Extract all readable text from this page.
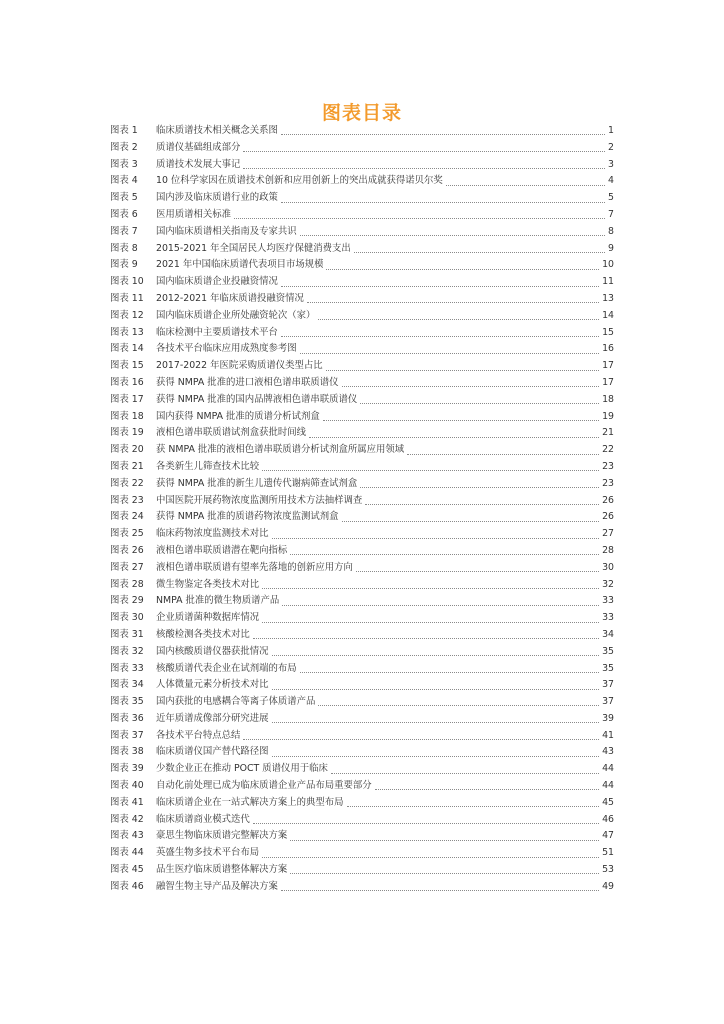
图表目录
图表 1	临床质谱技术相关概念关系图	1
图表 2	质谱仪基础组成部分	2
图表 3	质谱技术发展大事记	3
图表 4	10 位科学家因在质谱技术创新和应用创新上的突出成就获得诺贝尔奖	4
图表 5	国内涉及临床质谱行业的政策	5
图表 6	医用质谱相关标准	7
图表 7	国内临床质谱相关指南及专家共识	8
图表 8	2015-2021 年全国居民人均医疗保健消费支出	9
图表 9	2021 年中国临床质谱代表项目市场规模	10
图表 10	国内临床质谱企业投融资情况	11
图表 11	2012-2021 年临床质谱投融资情况	13
图表 12	国内临床质谱企业所处融资轮次（家）	14
图表 13	临床检测中主要质谱技术平台	15
图表 14	各技术平台临床应用成熟度参考图	16
图表 15	2017-2022 年医院采购质谱仪类型占比	17
图表 16	获得 NMPA 批准的进口液相色谱串联质谱仪	17
图表 17	获得 NMPA 批准的国内品牌液相色谱串联质谱仪	18
图表 18	国内获得 NMPA 批准的质谱分析试剂盒	19
图表 19	液相色谱串联质谱试剂盒获批时间线	21
图表 20	获 NMPA 批准的液相色谱串联质谱分析试剂盒所属应用领域	22
图表 21	各类新生儿筛查技术比较	23
图表 22	获得 NMPA 批准的新生儿遗传代谢病筛查试剂盒	23
图表 23	中国医院开展药物浓度监测所用技术方法抽样调查	26
图表 24	获得 NMPA 批准的质谱药物浓度监测试剂盒	26
图表 25	临床药物浓度监测技术对比	27
图表 26	液相色谱串联质谱潜在靶向指标	28
图表 27	液相色谱串联质谱有望率先落地的创新应用方向	30
图表 28	微生物鉴定各类技术对比	32
图表 29	NMPA 批准的微生物质谱产品	33
图表 30	企业质谱菌种数据库情况	33
图表 31	核酸检测各类技术对比	34
图表 32	国内核酸质谱仪器获批情况	35
图表 33	核酸质谱代表企业在试剂端的布局	35
图表 34	人体微量元素分析技术对比	37
图表 35	国内获批的电感耦合等离子体质谱产品	37
图表 36	近年质谱成像部分研究进展	39
图表 37	各技术平台特点总结	41
图表 38	临床质谱仪国产替代路径图	43
图表 39	少数企业正在推动 POCT 质谱仪用于临床	44
图表 40	自动化前处理已成为临床质谱企业产品布局重要部分	44
图表 41	临床质谱企业在一站式解决方案上的典型布局	45
图表 42	临床质谱商业模式迭代	46
图表 43	豪思生物临床质谱完整解决方案	47
图表 44	英盛生物多技术平台布局	51
图表 45	品生医疗临床质谱整体解决方案	53
图表 46	融智生物主导产品及解决方案	49
